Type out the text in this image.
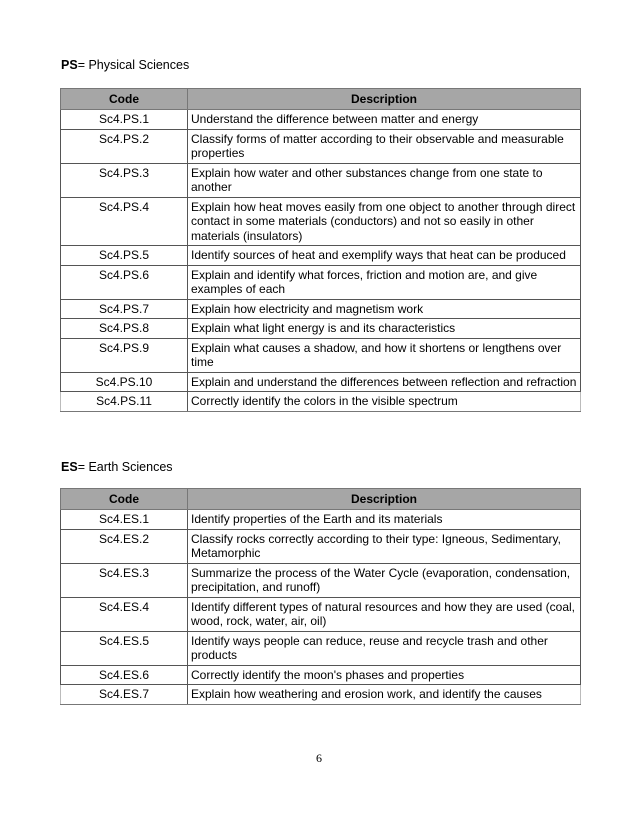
PS= Physical Sciences
Code	Description
Sc4.PS.1	Understand the difference between matter and energy
Sc4.PS.2	Classify forms of matter according to their observable and measurable properties
Sc4.PS.3	Explain how water and other substances change from one state to another
Sc4.PS.4	Explain how heat moves easily from one object to another through direct contact in some materials (conductors) and not so easily in other materials (insulators)
Sc4.PS.5	Identify sources of heat and exemplify ways that heat can be produced
Sc4.PS.6	Explain and identify what forces, friction and motion are, and give examples of each
Sc4.PS.7	Explain how electricity and magnetism work
Sc4.PS.8	Explain what light energy is and its characteristics
Sc4.PS.9	Explain what causes a shadow, and how it shortens or lengthens over time
Sc4.PS.10	Explain and understand the differences between reflection and refraction
Sc4.PS.11	Correctly identify the colors in the visible spectrum
ES= Earth Sciences
Code	Description
Sc4.ES.1	Identify properties of the Earth and its materials
Sc4.ES.2	Classify rocks correctly according to their type: Igneous, Sedimentary, Metamorphic
Sc4.ES.3	Summarize the process of the Water Cycle (evaporation, condensation, precipitation, and runoff)
Sc4.ES.4	Identify different types of natural resources and how they are used (coal, wood, rock, water, air, oil)
Sc4.ES.5	Identify ways people can reduce, reuse and recycle trash and other products
Sc4.ES.6	Correctly identify the moon's phases and properties
Sc4.ES.7	Explain how weathering and erosion work, and identify the causes
6
